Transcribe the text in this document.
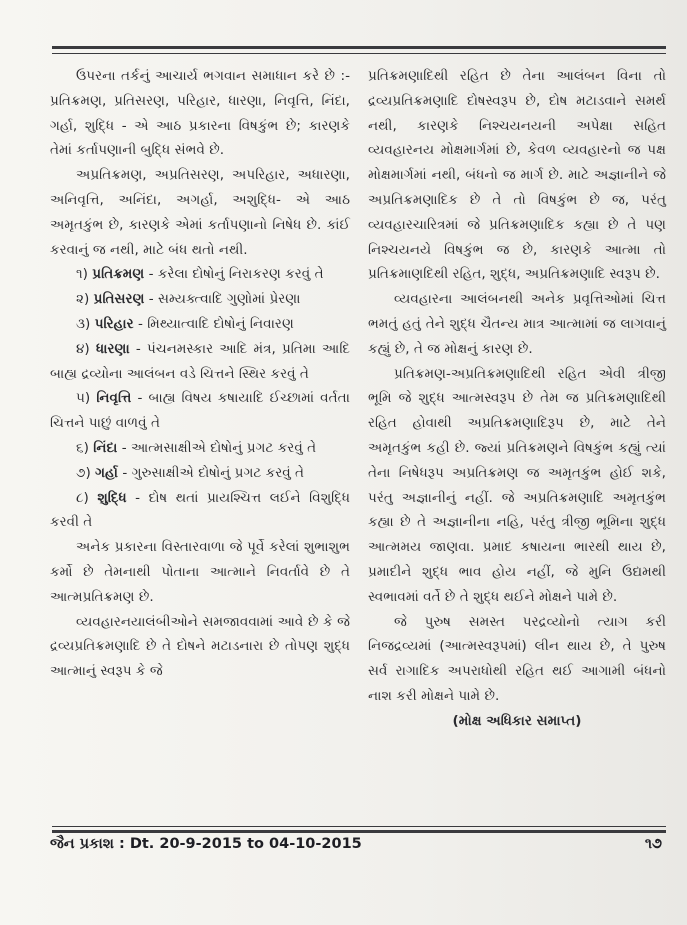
ઉપરના તર્કનું આચાર્ય ભગવાન સમાધાન કરે છે :- પ્રતિક્રમણ, પ્રતિસરણ, પરિહાર, ધારણા, નિવૃત્તિ, નિંદા, ગર્હા, શુદ્ધિ - એ આઠ પ્રકારના વિષકુંભ છે; કારણકે તેમાં કર્તાપણાની બુદ્ધિ સંભવે છે.

અપ્રતિક્રમણ, અપ્રતિસરણ, અપરિહાર, અધારણા, અનિવૃત્તિ, અનિંદા, અગર્હા, અશુદ્ધિ- એ આઠ અમૃતકુંભ છે, કારણકે એમાં કર્તાપણાનો નિષેધ છે. કાંઈ કરવાનું જ નથી, માટે બંધ થતો નથી.

૧) પ્રતિક્રમણ - કરેલા દોષોનું નિરાકરણ કરવું તે

૨) પ્રતિસરણ - સમ્યક્ત્વાદિ ગુણોમાં પ્રેરણા

૩) પરિહાર - મિથ્યાત્વાદિ દોષોનું નિવારણ

૪) ધારણા - પંચનમસ્કાર આદિ મંત્ર, પ્રતિમા આદિ બાહ્ય દ્રવ્યોના આલંબન વડે ચિત્તને સ્થિર કરવું તે

૫) નિવૃત્તિ - બાહ્ય વિષય કષાયાદિ ઈચ્છામાં વર્તતા ચિત્તને પાછું વાળવું તે

૬) નિંદા - આત્મસાક્ષીએ દોષોનું પ્રગટ કરવું તે

૭) ગર્હા - ગુરુસાક્ષીએ દોષોનું પ્રગટ કરવું તે

૮) શુદ્ધિ - દોષ થતાં પ્રાયશ્ચિત્ત લઈને વિશુદ્ધિ કરવી તે

અનેક પ્રકારના વિસ્તારવાળા જે પૂર્વે કરેલાં શુભાશુભ કર્મો છે તેમનાથી પોતાના આત્માને નિવર્તાવે છે તે આત્મપ્રતિક્રમણ છે.

વ્યવહારનયાલંબીઓને સમજાવવામાં આવે છે કે જે દ્રવ્યપ્રતિક્રમણાદિ છે તે દોષને મટાડનારા છે તોપણ શુદ્ધ આત્માનું સ્વરૂપ કે જે

પ્રતિક્રમણાદિથી રહિત છે તેના આલંબન વિના તો દ્રવ્યપ્રતિક્રમણાદિ દોષસ્વરૂપ છે, દોષ મટાડવાને સમર્થ નથી, કારણકે નિશ્ચયનયની અપેક્ષા સહિત વ્યવહારનય મોક્ષમાર્ગમાં છે, કેવળ વ્યવહારનો જ પક્ષ મોક્ષમાર્ગમાં નથી, બંધનો જ માર્ગ છે. માટે અજ્ઞાનીને જે અપ્રતિક્રમણાદિક છે તે તો વિષકુંભ છે જ, પરંતુ વ્યવહારચારિત્રમાં જે પ્રતિક્રમણાદિક કહ્યા છે તે પણ નિશ્ચયનયે વિષકુંભ જ છે, કારણકે આત્મા તો પ્રતિક્રમાણદિથી રહિત, શુદ્ધ, અપ્રતિક્રમણાદિ સ્વરૂપ છે.

વ્યવહારના આલંબનથી અનેક પ્રવૃત્તિઓમાં ચિત્ત ભમતું હતું તેને શુદ્ધ ચૈતન્ય માત્ર આત્મામાં જ લાગવાનું કહ્યું છે, તે જ મોક્ષનું કારણ છે.

પ્રતિક્રમણ-અપ્રતિક્રમણાદિથી રહિત એવી ત્રીજી ભૂમિ જે શુદ્ધ આત્મસ્વરૂપ છે તેમ જ પ્રતિક્રમણાદિથી રહિત હોવાથી અપ્રતિક્રમણાદિરૂપ છે, માટે તેને અમૃતકુંભ કહી છે. જ્યાં પ્રતિક્રમણને વિષકુંભ કહ્યું ત્યાં તેના નિષેધરૂપ અપ્રતિક્રમણ જ અમૃતકુંભ હોઈ શકે, પરંતુ અજ્ઞાનીનું નહીં. જે અપ્રતિક્રમણાદિ અમૃતકુંભ કહ્યા છે તે અજ્ઞાનીના નહિ, પરંતુ ત્રીજી ભૂમિના શુદ્ધ આત્મમય જાણવા. પ્રમાદ કષાયના ભારથી થાય છે, પ્રમાદીને શુદ્ધ ભાવ હોય નહીં, જે મુનિ ઉદ્યમથી સ્વભાવમાં વર્તે છે તે શુદ્ધ થઈને મોક્ષને પામે છે.

જે પુરુષ સમસ્ત પરદ્રવ્યોનો ત્યાગ કરી નિજદ્રવ્યમાં (આત્મસ્વરૂપમાં) લીન થાય છે, તે પુરુષ સર્વ રાગાદિક અપરાધોથી રહિત થઈ આગામી બંધનો નાશ કરી મોક્ષને પામે છે.

(મોક્ષ અધિકાર સમાપ્ત)

જૈન પ્રકાશ : Dt. 20-9-2015 to 04-10-2015	૧૭
